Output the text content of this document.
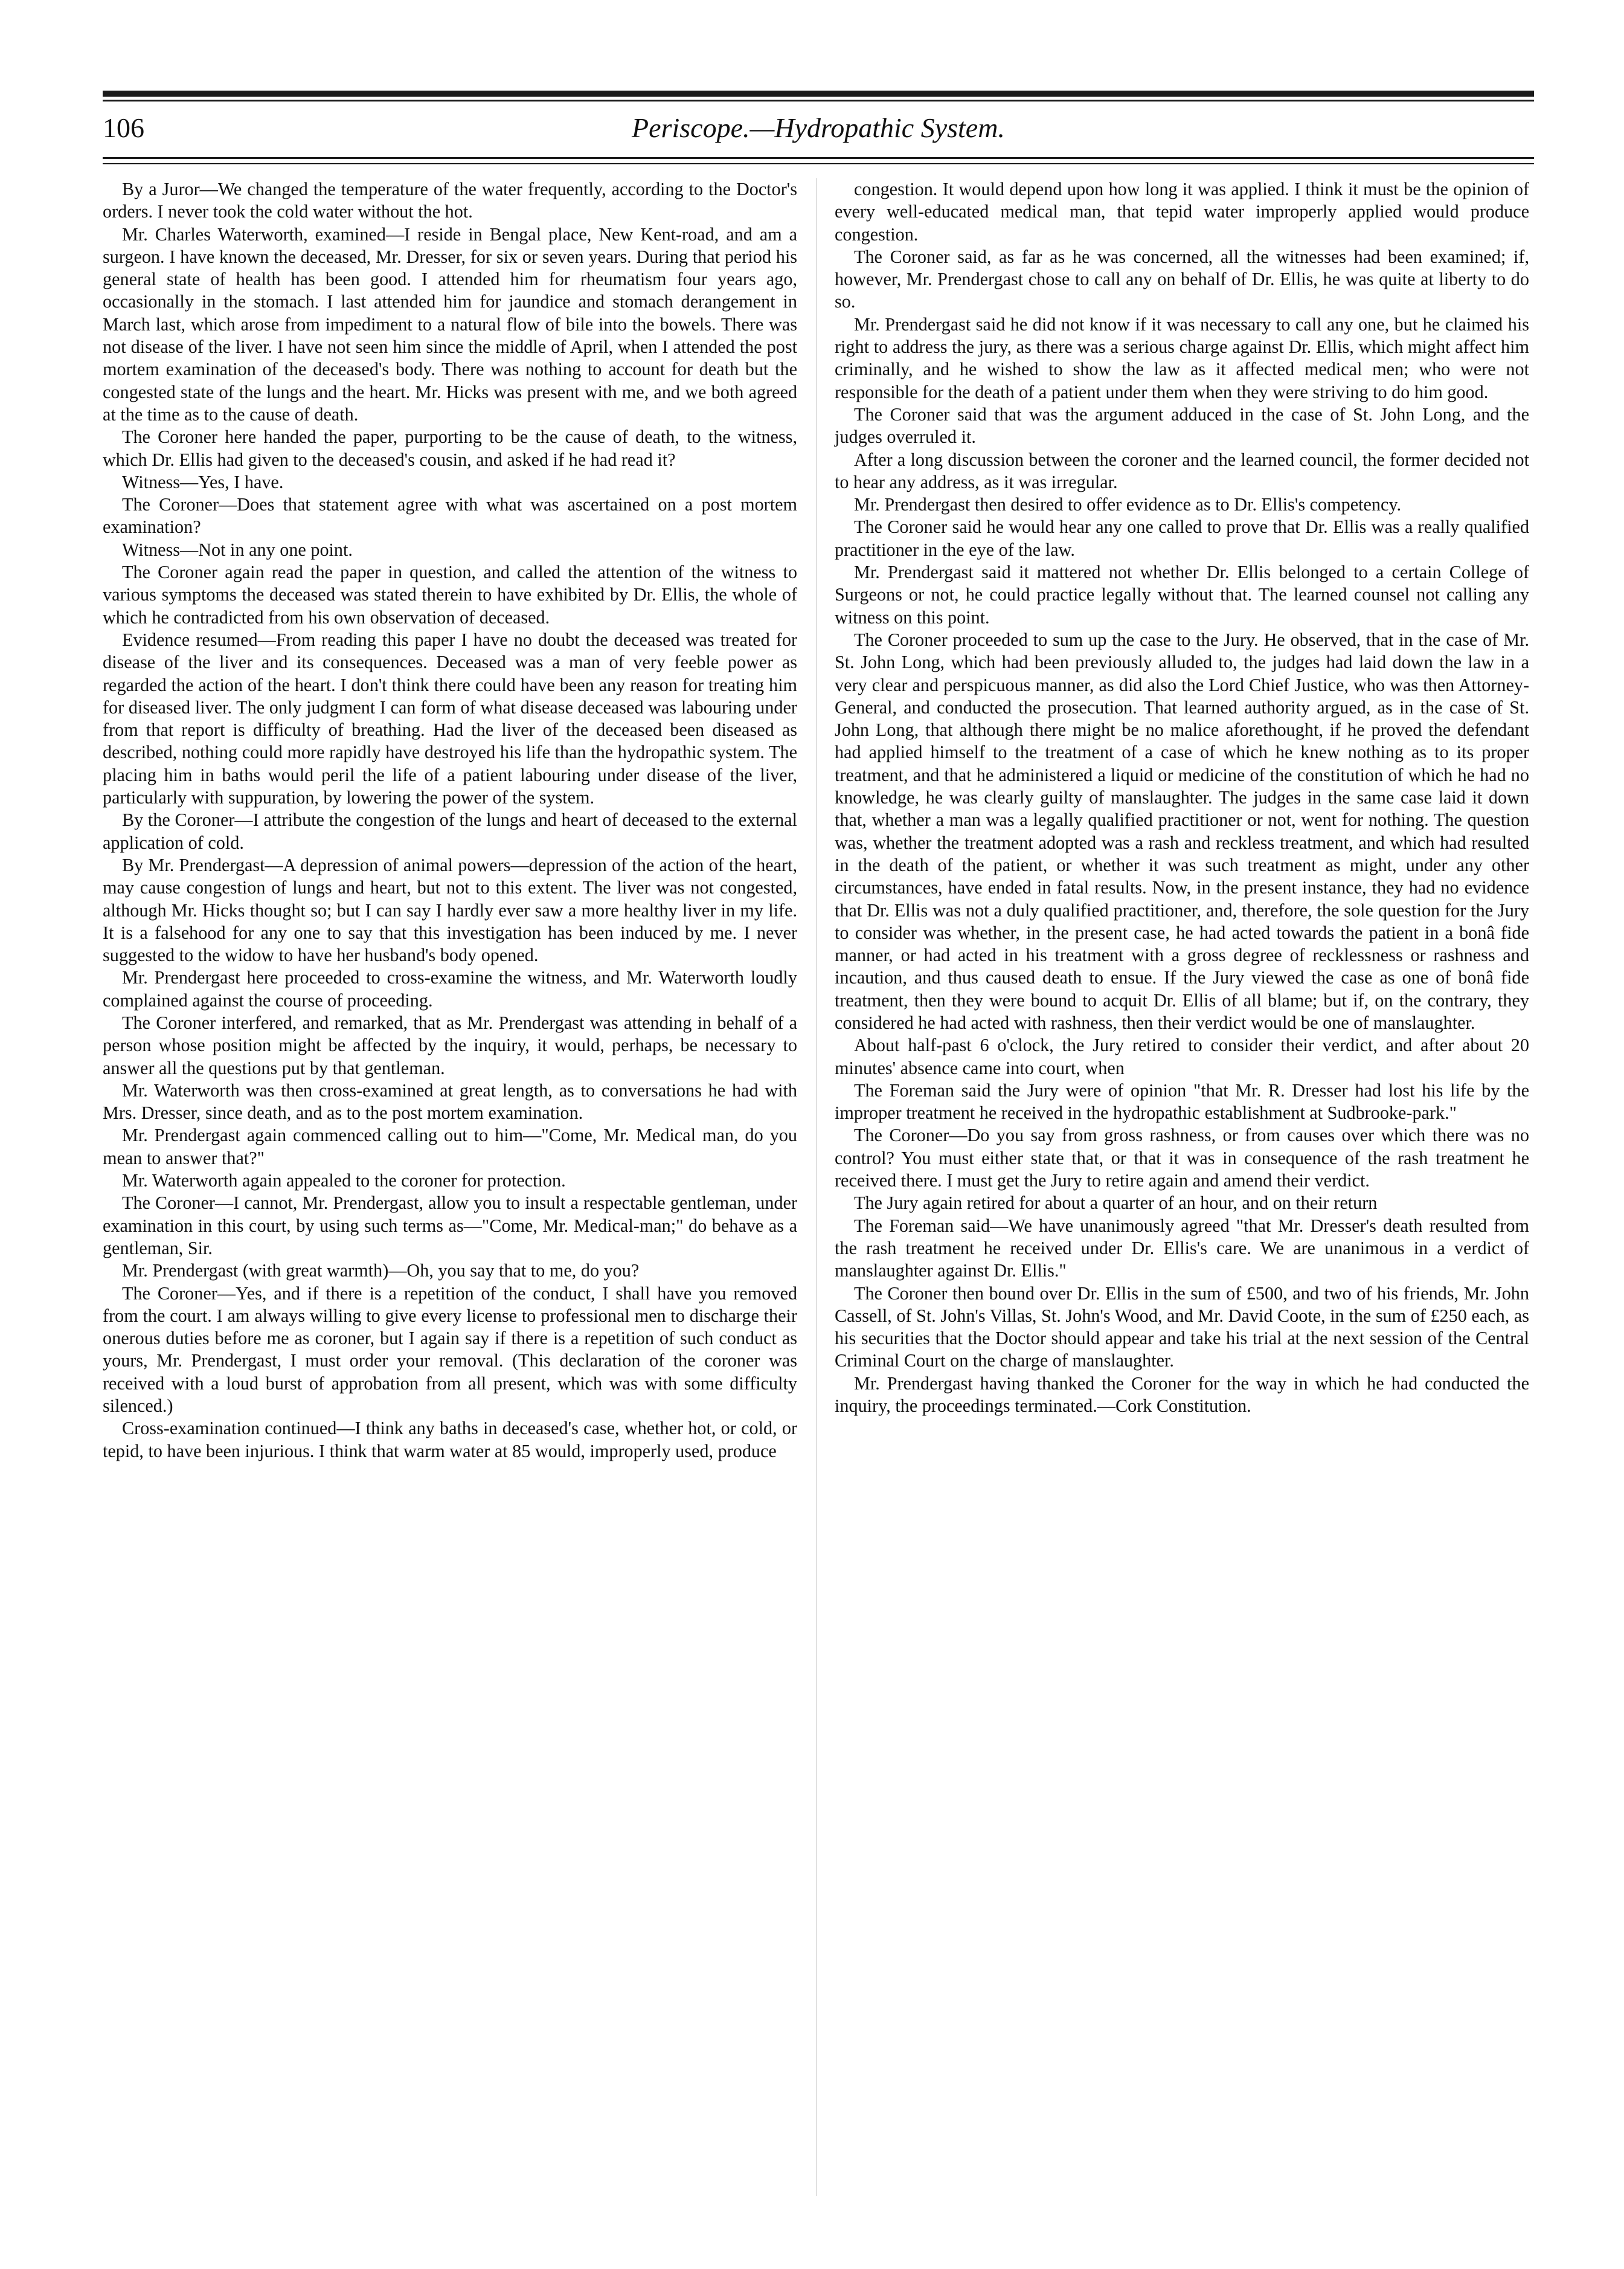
106	Periscope.—Hydropathic System.

By a Juror—We changed the temperature of the water frequently, according to the Doctor's orders. I never took the cold water without the hot.

Mr. Charles Waterworth, examined—I reside in Bengal place, New Kent-road, and am a surgeon. I have known the deceased, Mr. Dresser, for six or seven years. During that period his general state of health has been good. I attended him for rheumatism four years ago, occasionally in the stomach. I last attended him for jaundice and stomach derangement in March last, which arose from impediment to a natural flow of bile into the bowels. There was not disease of the liver. I have not seen him since the middle of April, when I attended the post mortem examination of the deceased's body. There was nothing to account for death but the congested state of the lungs and the heart. Mr. Hicks was present with me, and we both agreed at the time as to the cause of death.

The Coroner here handed the paper, purporting to be the cause of death, to the witness, which Dr. Ellis had given to the deceased's cousin, and asked if he had read it?

Witness—Yes, I have.

The Coroner—Does that statement agree with what was ascertained on a post mortem examination?

Witness—Not in any one point.

The Coroner again read the paper in question, and called the attention of the witness to various symptoms the deceased was stated therein to have exhibited by Dr. Ellis, the whole of which he contradicted from his own observation of deceased.

Evidence resumed—From reading this paper I have no doubt the deceased was treated for disease of the liver and its consequences. Deceased was a man of very feeble power as regarded the action of the heart. I don't think there could have been any reason for treating him for diseased liver. The only judgment I can form of what disease deceased was labouring under from that report is difficulty of breathing. Had the liver of the deceased been diseased as described, nothing could more rapidly have destroyed his life than the hydropathic system. The placing him in baths would peril the life of a patient labouring under disease of the liver, particularly with suppuration, by lowering the power of the system.

By the Coroner—I attribute the congestion of the lungs and heart of deceased to the external application of cold.

By Mr. Prendergast—A depression of animal powers—depression of the action of the heart, may cause congestion of lungs and heart, but not to this extent. The liver was not congested, although Mr. Hicks thought so; but I can say I hardly ever saw a more healthy liver in my life. It is a falsehood for any one to say that this investigation has been induced by me. I never suggested to the widow to have her husband's body opened.

Mr. Prendergast here proceeded to cross-examine the witness, and Mr. Waterworth loudly complained against the course of proceeding.

The Coroner interfered, and remarked, that as Mr. Prendergast was attending in behalf of a person whose position might be affected by the inquiry, it would, perhaps, be necessary to answer all the questions put by that gentleman.

Mr. Waterworth was then cross-examined at great length, as to conversations he had with Mrs. Dresser, since death, and as to the post mortem examination.

Mr. Prendergast again commenced calling out to him—"Come, Mr. Medical man, do you mean to answer that?"

Mr. Waterworth again appealed to the coroner for protection.

The Coroner—I cannot, Mr. Prendergast, allow you to insult a respectable gentleman, under examination in this court, by using such terms as—"Come, Mr. Medical-man;" do behave as a gentleman, Sir.

Mr. Prendergast (with great warmth)—Oh, you say that to me, do you?

The Coroner—Yes, and if there is a repetition of the conduct, I shall have you removed from the court. I am always willing to give every license to professional men to discharge their onerous duties before me as coroner, but I again say if there is a repetition of such conduct as yours, Mr. Prendergast, I must order your removal. (This declaration of the coroner was received with a loud burst of approbation from all present, which was with some difficulty silenced.)

Cross-examination continued—I think any baths in deceased's case, whether hot, or cold, or tepid, to have been injurious. I think that warm water at 85 would, improperly used, produce

congestion. It would depend upon how long it was applied. I think it must be the opinion of every well-educated medical man, that tepid water improperly applied would produce congestion.

The Coroner said, as far as he was concerned, all the witnesses had been examined; if, however, Mr. Prendergast chose to call any on behalf of Dr. Ellis, he was quite at liberty to do so.

Mr. Prendergast said he did not know if it was necessary to call any one, but he claimed his right to address the jury, as there was a serious charge against Dr. Ellis, which might affect him criminally, and he wished to show the law as it affected medical men; who were not responsible for the death of a patient under them when they were striving to do him good.

The Coroner said that was the argument adduced in the case of St. John Long, and the judges overruled it.

After a long discussion between the coroner and the learned council, the former decided not to hear any address, as it was irregular.

Mr. Prendergast then desired to offer evidence as to Dr. Ellis's competency.

The Coroner said he would hear any one called to prove that Dr. Ellis was a really qualified practitioner in the eye of the law.

Mr. Prendergast said it mattered not whether Dr. Ellis belonged to a certain College of Surgeons or not, he could practice legally without that. The learned counsel not calling any witness on this point.

The Coroner proceeded to sum up the case to the Jury. He observed, that in the case of Mr. St. John Long, which had been previously alluded to, the judges had laid down the law in a very clear and perspicuous manner, as did also the Lord Chief Justice, who was then Attorney-General, and conducted the prosecution. That learned authority argued, as in the case of St. John Long, that although there might be no malice aforethought, if he proved the defendant had applied himself to the treatment of a case of which he knew nothing as to its proper treatment, and that he administered a liquid or medicine of the constitution of which he had no knowledge, he was clearly guilty of manslaughter. The judges in the same case laid it down that, whether a man was a legally qualified practitioner or not, went for nothing. The question was, whether the treatment adopted was a rash and reckless treatment, and which had resulted in the death of the patient, or whether it was such treatment as might, under any other circumstances, have ended in fatal results. Now, in the present instance, they had no evidence that Dr. Ellis was not a duly qualified practitioner, and, therefore, the sole question for the Jury to consider was whether, in the present case, he had acted towards the patient in a bonâ fide manner, or had acted in his treatment with a gross degree of recklessness or rashness and incaution, and thus caused death to ensue. If the Jury viewed the case as one of bonâ fide treatment, then they were bound to acquit Dr. Ellis of all blame; but if, on the contrary, they considered he had acted with rashness, then their verdict would be one of manslaughter.

About half-past 6 o'clock, the Jury retired to consider their verdict, and after about 20 minutes' absence came into court, when

The Foreman said the Jury were of opinion "that Mr. R. Dresser had lost his life by the improper treatment he received in the hydropathic establishment at Sudbrooke-park."

The Coroner—Do you say from gross rashness, or from causes over which there was no control? You must either state that, or that it was in consequence of the rash treatment he received there. I must get the Jury to retire again and amend their verdict.

The Jury again retired for about a quarter of an hour, and on their return

The Foreman said—We have unanimously agreed "that Mr. Dresser's death resulted from the rash treatment he received under Dr. Ellis's care. We are unanimous in a verdict of manslaughter against Dr. Ellis."

The Coroner then bound over Dr. Ellis in the sum of £500, and two of his friends, Mr. John Cassell, of St. John's Villas, St. John's Wood, and Mr. David Coote, in the sum of £250 each, as his securities that the Doctor should appear and take his trial at the next session of the Central Criminal Court on the charge of manslaughter.

Mr. Prendergast having thanked the Coroner for the way in which he had conducted the inquiry, the proceedings terminated.—Cork Constitution.
